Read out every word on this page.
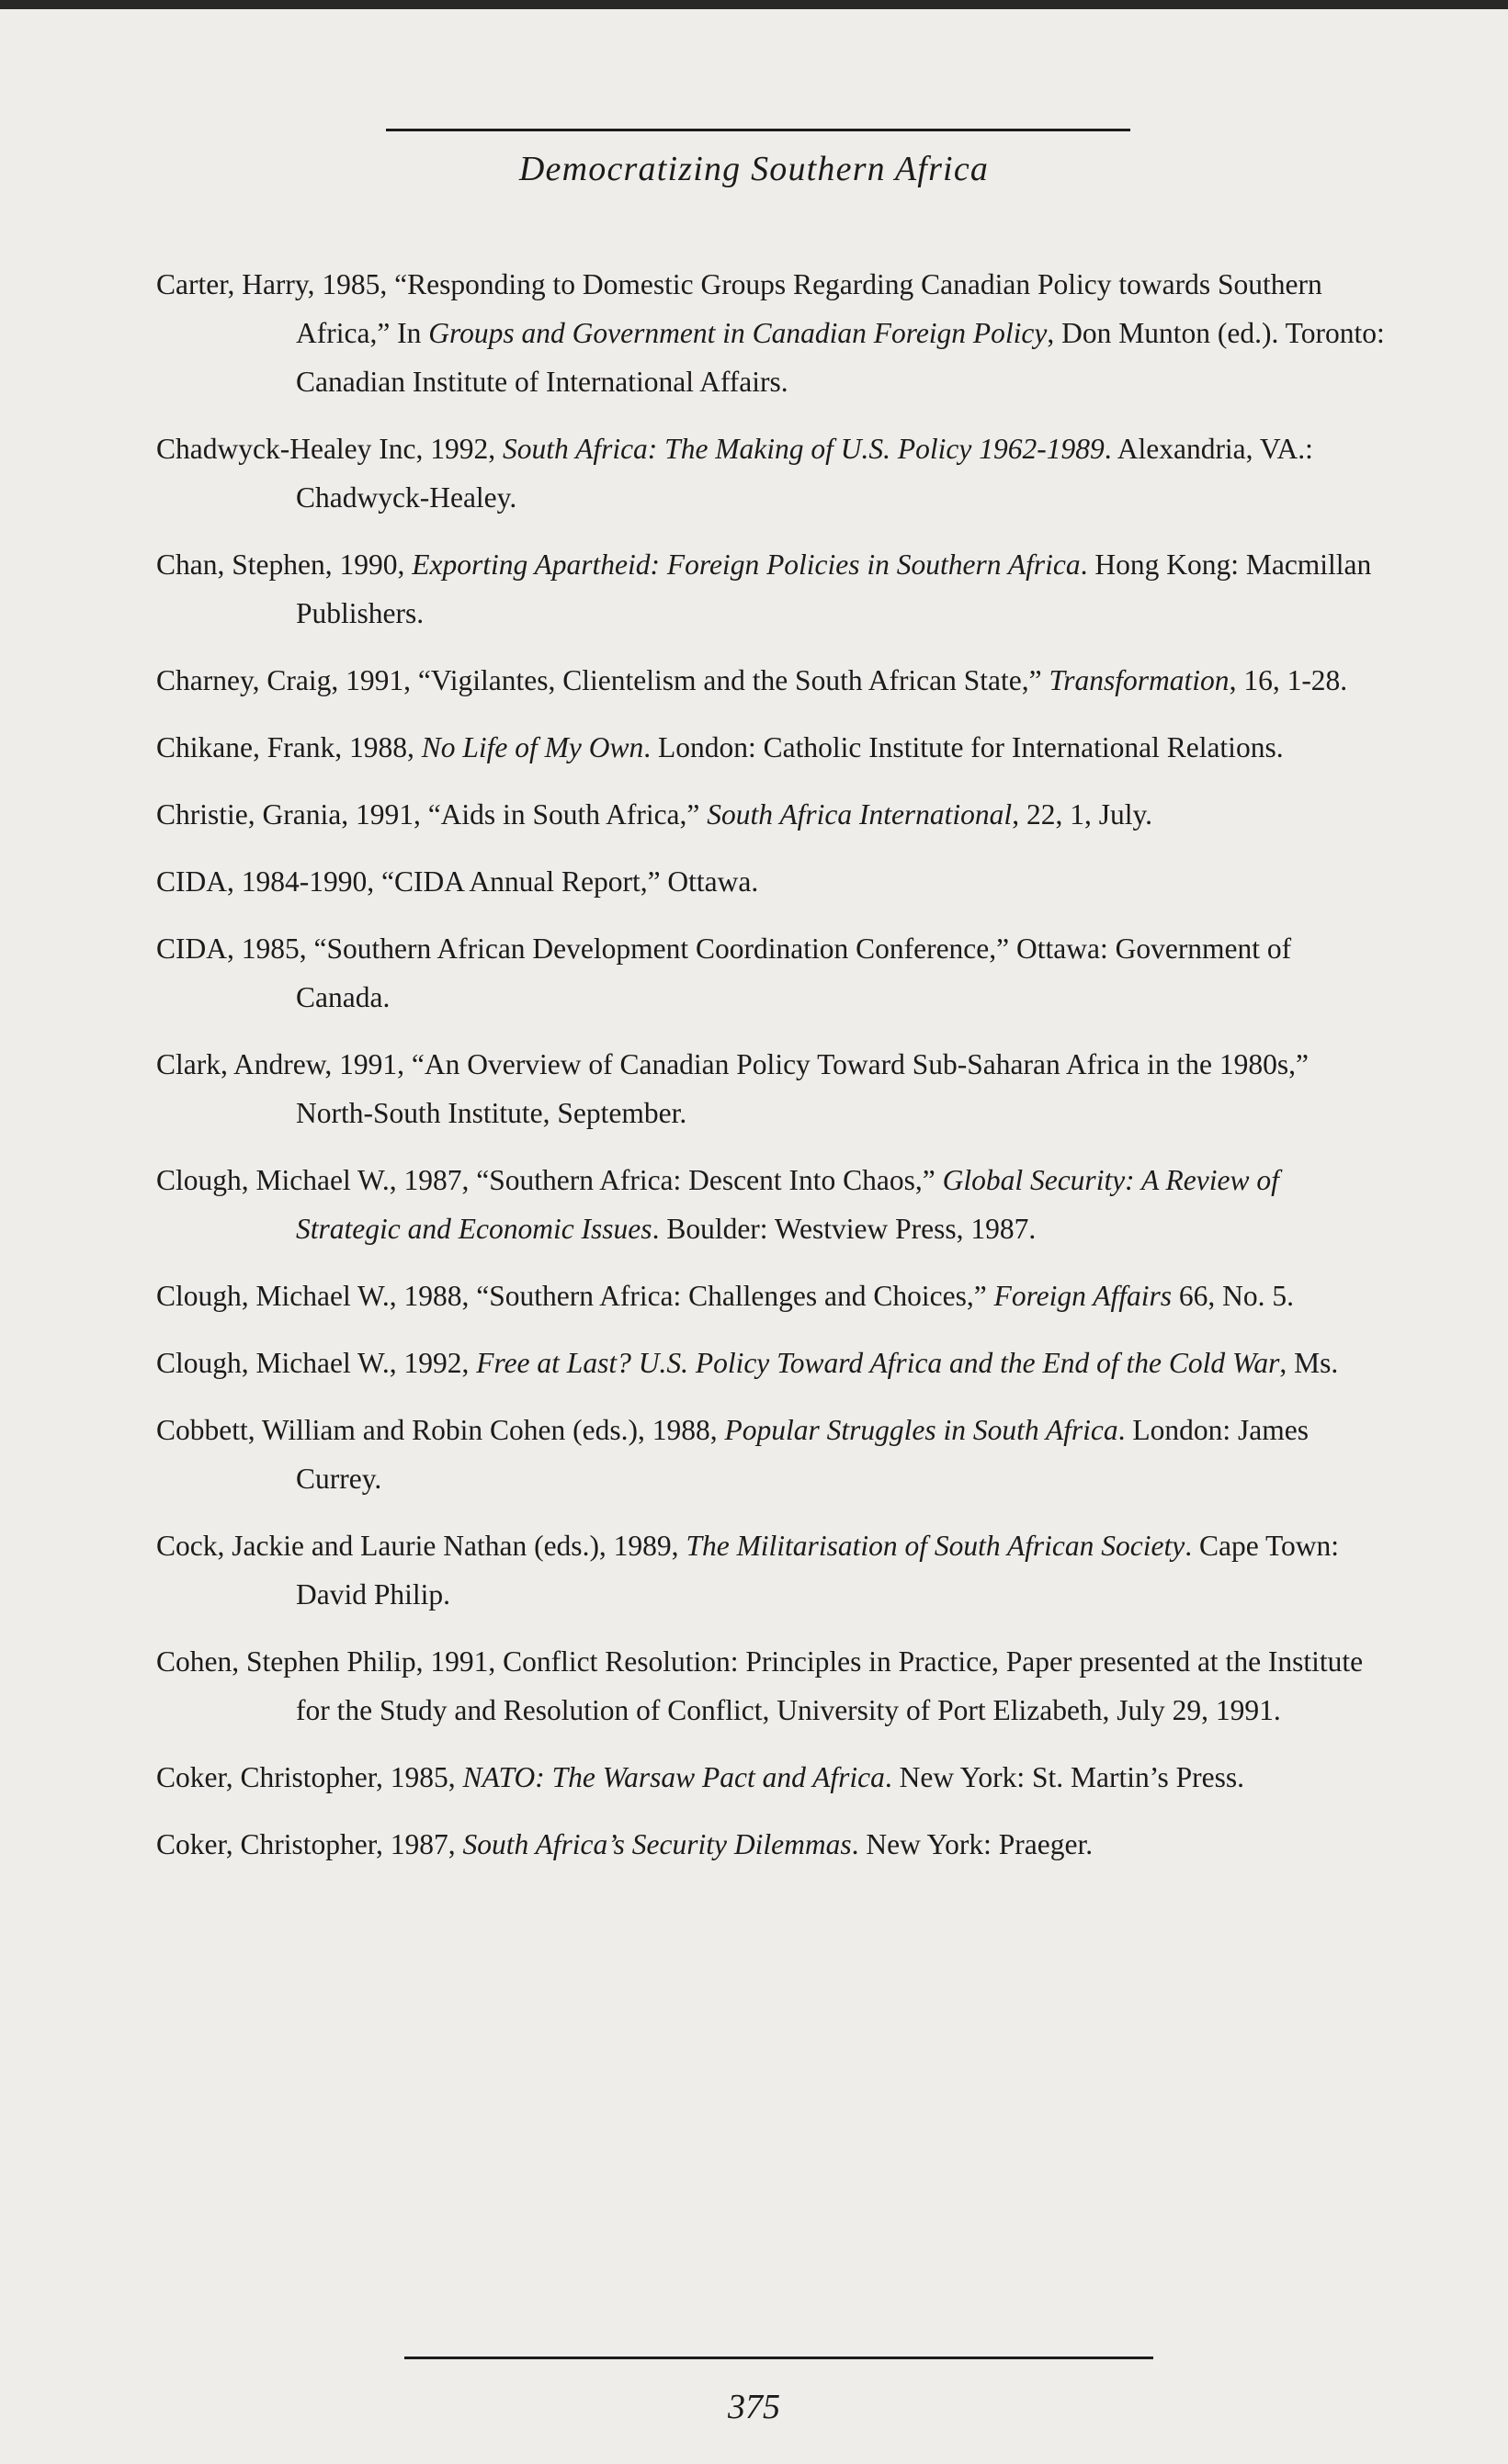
Democratizing Southern Africa

Carter, Harry, 1985, “Responding to Domestic Groups Regarding Canadian Policy towards Southern Africa,” In Groups and Government in Canadian Foreign Policy, Don Munton (ed.). Toronto: Canadian Institute of International Affairs.

Chadwyck-Healey Inc, 1992, South Africa: The Making of U.S. Policy 1962-1989. Alexandria, VA.: Chadwyck-Healey.

Chan, Stephen, 1990, Exporting Apartheid: Foreign Policies in Southern Africa. Hong Kong: Macmillan Publishers.

Charney, Craig, 1991, “Vigilantes, Clientelism and the South African State,” Transformation, 16, 1-28.

Chikane, Frank, 1988, No Life of My Own. London: Catholic Institute for International Relations.

Christie, Grania, 1991, “Aids in South Africa,” South Africa International, 22, 1, July.

CIDA, 1984-1990, “CIDA Annual Report,” Ottawa.

CIDA, 1985, “Southern African Development Coordination Conference,” Ottawa: Government of Canada.

Clark, Andrew, 1991, “An Overview of Canadian Policy Toward Sub-Saharan Africa in the 1980s,” North-South Institute, September.

Clough, Michael W., 1987, “Southern Africa: Descent Into Chaos,” Global Security: A Review of Strategic and Economic Issues. Boulder: Westview Press, 1987.

Clough, Michael W., 1988, “Southern Africa: Challenges and Choices,” Foreign Affairs 66, No. 5.

Clough, Michael W., 1992, Free at Last? U.S. Policy Toward Africa and the End of the Cold War, Ms.

Cobbett, William and Robin Cohen (eds.), 1988, Popular Struggles in South Africa. London: James Currey.

Cock, Jackie and Laurie Nathan (eds.), 1989, The Militarisation of South African Society. Cape Town: David Philip.

Cohen, Stephen Philip, 1991, Conflict Resolution: Principles in Practice, Paper presented at the Institute for the Study and Resolution of Conflict, University of Port Elizabeth, July 29, 1991.

Coker, Christopher, 1985, NATO: The Warsaw Pact and Africa. New York: St. Martin’s Press.

Coker, Christopher, 1987, South Africa’s Security Dilemmas. New York: Praeger.

375
